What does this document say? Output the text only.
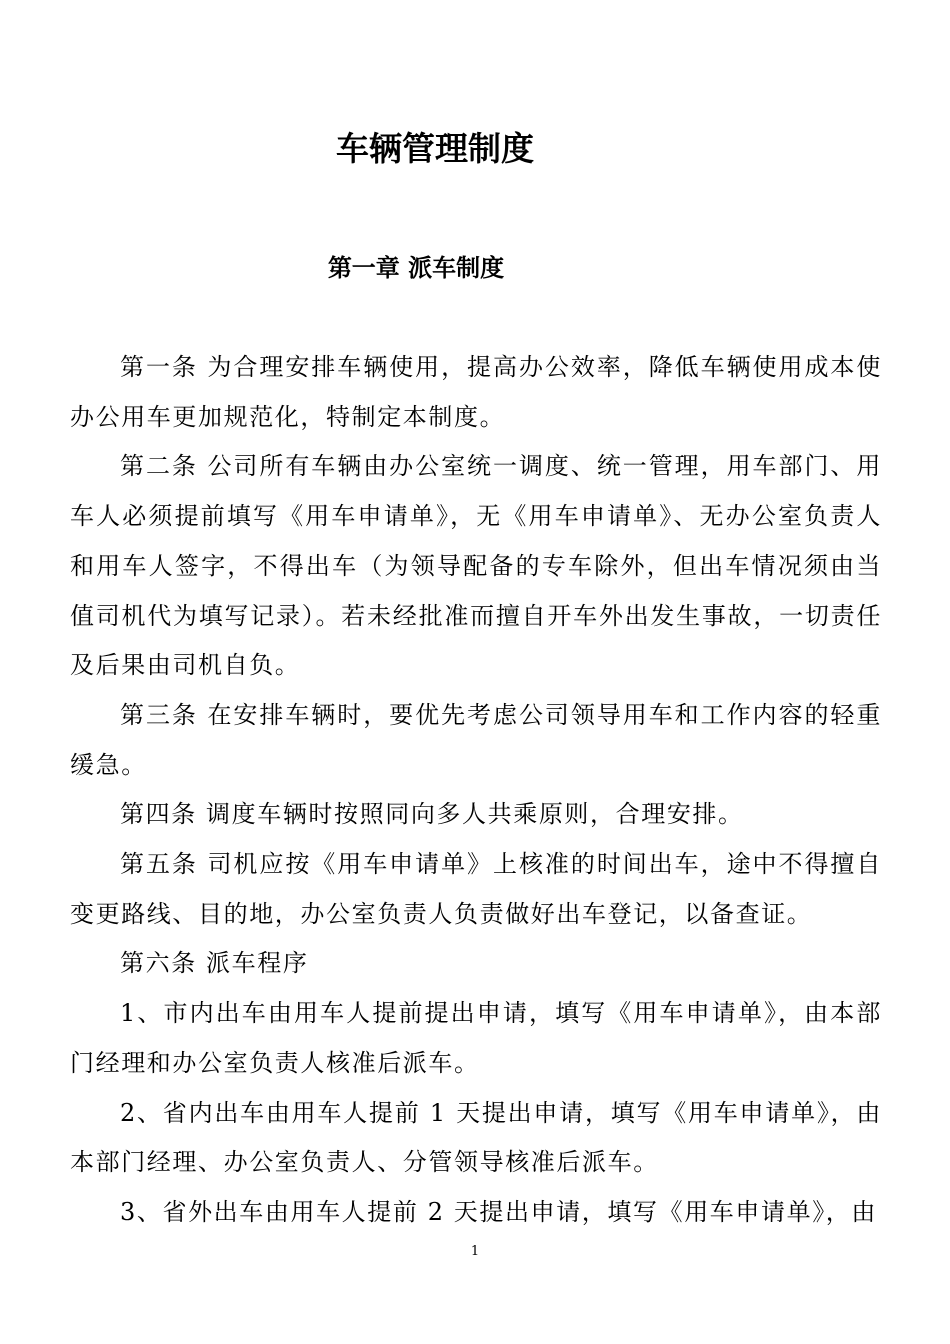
车辆管理制度
第一章 派车制度

第一条 为合理安排车辆使用，提高办公效率，降低车辆使用成本使办公用车更加规范化，特制定本制度。

第二条 公司所有车辆由办公室统一调度、统一管理，用车部门、用车人必须提前填写《用车申请单》，无《用车申请单》、无办公室负责人和用车人签字，不得出车（为领导配备的专车除外，但出车情况须由当值司机代为填写记录）。若未经批准而擅自开车外出发生事故，一切责任及后果由司机自负。

第三条 在安排车辆时，要优先考虑公司领导用车和工作内容的轻重缓急。

第四条 调度车辆时按照同向多人共乘原则，合理安排。

第五条 司机应按《用车申请单》上核准的时间出车，途中不得擅自变更路线、目的地，办公室负责人负责做好出车登记，以备查证。

第六条 派车程序

1、市内出车由用车人提前提出申请，填写《用车申请单》，由本部门经理和办公室负责人核准后派车。

2、省内出车由用车人提前 1 天提出申请，填写《用车申请单》，由本部门经理、办公室负责人、分管领导核准后派车。

3、省外出车由用车人提前 2 天提出申请，填写《用车申请单》，由

1
